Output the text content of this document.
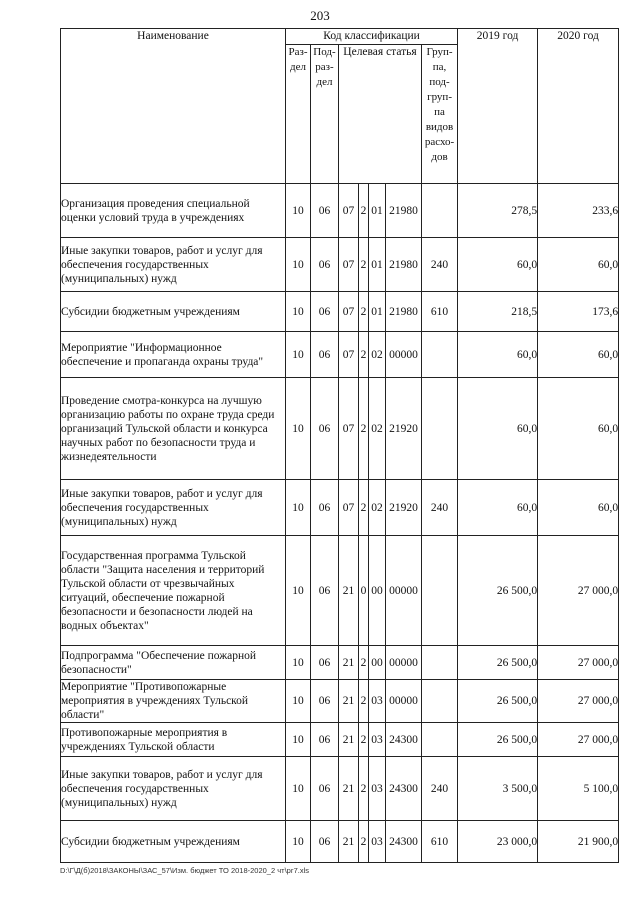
203
Наименование	Код классификации							2019 год	2020 год
	Раз-дел	Под-раз-дел	Целевая статья				Груп-па, под-груп-па видов расхо-дов		
Организация проведения специальной оценки условий труда в учреждениях	10	06	07	2	01	21980		278,5	233,6
Иные закупки товаров, работ и услуг для обеспечения государственных (муниципальных) нужд	10	06	07	2	01	21980	240	60,0	60,0
Субсидии бюджетным учреждениям	10	06	07	2	01	21980	610	218,5	173,6
Мероприятие "Информационное обеспечение и пропаганда охраны труда"	10	06	07	2	02	00000		60,0	60,0
Проведение смотра-конкурса на лучшую организацию работы по охране труда среди организаций Тульской области и конкурса научных работ по безопасности труда и жизнедеятельности	10	06	07	2	02	21920		60,0	60,0
Иные закупки товаров, работ и услуг для обеспечения государственных (муниципальных) нужд	10	06	07	2	02	21920	240	60,0	60,0
Государственная программа Тульской области "Защита населения и территорий Тульской области от чрезвычайных ситуаций, обеспечение пожарной безопасности и безопасности людей на водных объектах"	10	06	21	0	00	00000		26 500,0	27 000,0
Подпрограмма "Обеспечение пожарной безопасности"	10	06	21	2	00	00000		26 500,0	27 000,0
Мероприятие "Противопожарные мероприятия в учреждениях Тульской области"	10	06	21	2	03	00000		26 500,0	27 000,0
Противопожарные мероприятия в учреждениях Тульской области	10	06	21	2	03	24300		26 500,0	27 000,0
Иные закупки товаров, работ и услуг для обеспечения государственных (муниципальных) нужд	10	06	21	2	03	24300	240	3 500,0	5 100,0
Субсидии бюджетным учреждениям	10	06	21	2	03	24300	610	23 000,0	21 900,0
D:\Г\Д(б)2018\ЗАКОНЫ\ЗАС_57\Изм. бюджет ТО 2018-2020_2 чт\рг7.xls
